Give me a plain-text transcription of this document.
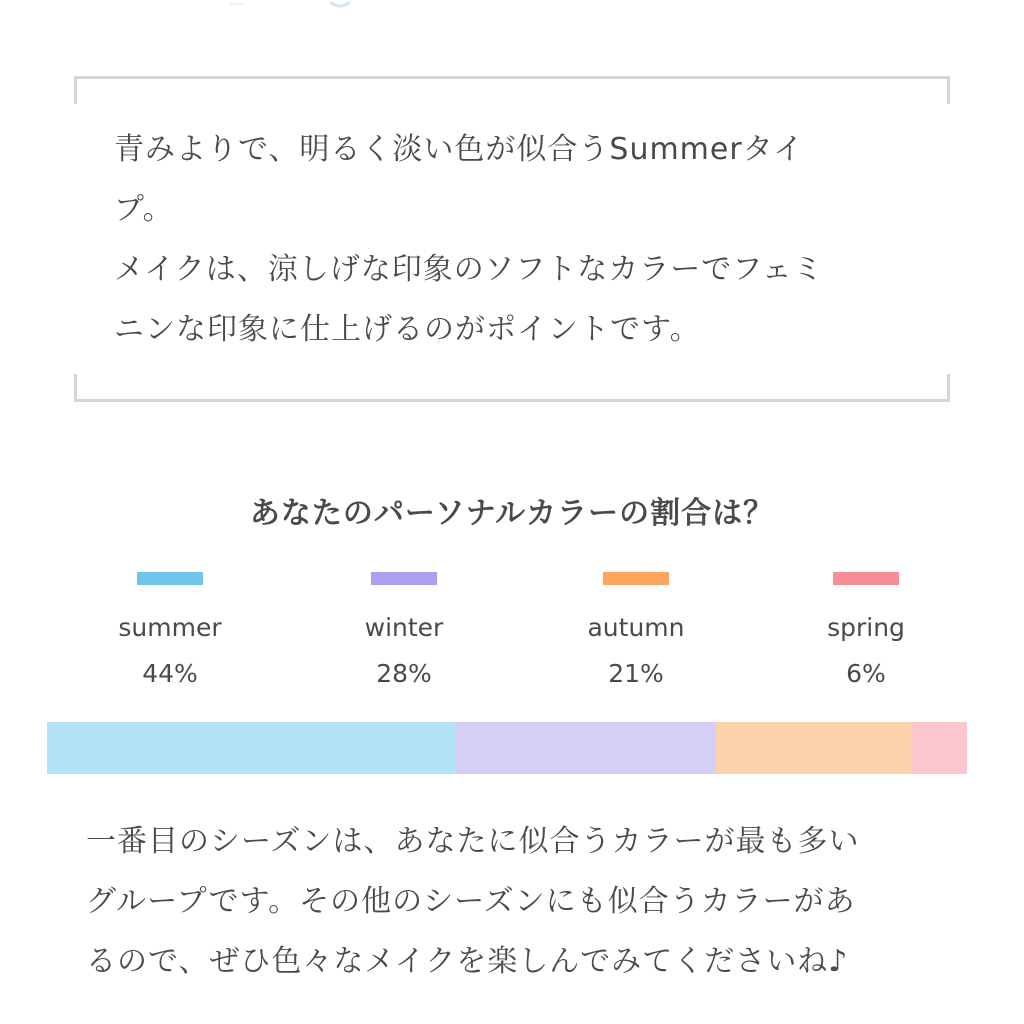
青みよりで、明るく淡い色が似合うSummerタイ
プ。
メイクは、涼しげな印象のソフトなカラーでフェミ
ニンな印象に仕上げるのがポイントです。
あなたのパーソナルカラーの割合は？
summer
44%
winter
28%
autumn
21%
spring
6%
一番目のシーズンは、あなたに似合うカラーが最も多い
グループです。その他のシーズンにも似合うカラーがあ
るので、ぜひ色々なメイクを楽しんでみてくださいね♪
